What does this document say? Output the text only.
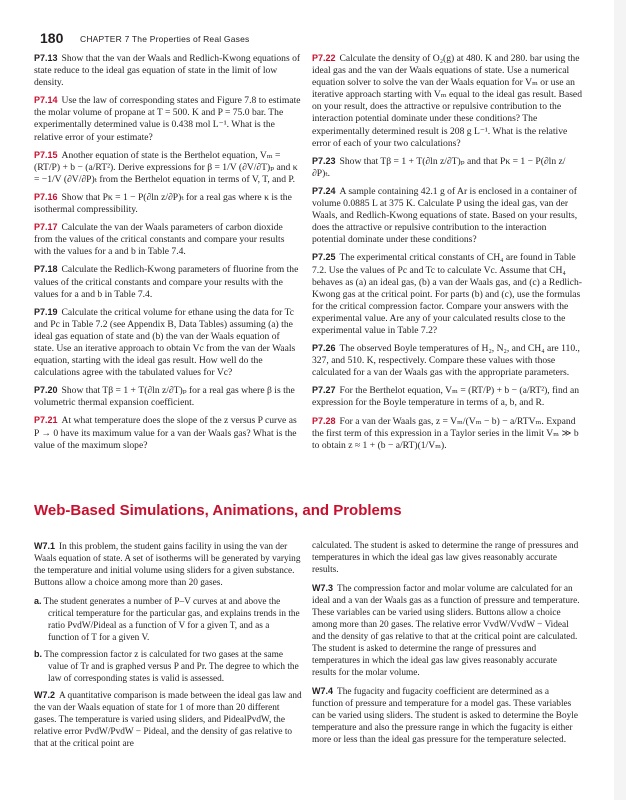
180 CHAPTER 7 The Properties of Real Gases

P7.13 Show that the van der Waals and Redlich-Kwong equations of state reduce to the ideal gas equation of state in the limit of low density.

P7.14 Use the law of corresponding states and Figure 7.8 to estimate the molar volume of propane at T = 500. K and P = 75.0 bar. The experimentally determined value is 0.438 mol L⁻¹. What is the relative error of your estimate?

P7.15 Another equation of state is the Berthelot equation, Vₘ = (RT/P) + b − (a/RT²). Derive expressions for β = 1/V (∂V/∂T)ₚ and κ = −1/V (∂V/∂P)ₜ from the Berthelot equation in terms of V, T, and P.

P7.16 Show that Pκ = 1 − P(∂ln z/∂P)ₜ for a real gas where κ is the isothermal compressibility.

P7.17 Calculate the van der Waals parameters of carbon dioxide from the values of the critical constants and compare your results with the values for a and b in Table 7.4.

P7.18 Calculate the Redlich-Kwong parameters of fluorine from the values of the critical constants and compare your results with the values for a and b in Table 7.4.

P7.19 Calculate the critical volume for ethane using the data for Tc and Pc in Table 7.2 (see Appendix B, Data Tables) assuming (a) the ideal gas equation of state and (b) the van der Waals equation of state. Use an iterative approach to obtain Vc from the van der Waals equation, starting with the ideal gas result. How well do the calculations agree with the tabulated values for Vc?

P7.20 Show that Tβ = 1 + T(∂ln z/∂T)ₚ for a real gas where β is the volumetric thermal expansion coefficient.

P7.21 At what temperature does the slope of the z versus P curve as P → 0 have its maximum value for a van der Waals gas? What is the value of the maximum slope?

P7.22 Calculate the density of O₂(g) at 480. K and 280. bar using the ideal gas and the van der Waals equations of state. Use a numerical equation solver to solve the van der Waals equation for Vₘ or use an iterative approach starting with Vₘ equal to the ideal gas result. Based on your result, does the attractive or repulsive contribution to the interaction potential dominate under these conditions? The experimentally determined result is 208 g L⁻¹. What is the relative error of each of your two calculations?

P7.23 Show that Tβ = 1 + T(∂ln z/∂T)ₚ and that Pκ = 1 − P(∂ln z/∂P)ₜ.

P7.24 A sample containing 42.1 g of Ar is enclosed in a container of volume 0.0885 L at 375 K. Calculate P using the ideal gas, van der Waals, and Redlich-Kwong equations of state. Based on your results, does the attractive or repulsive contribution to the interaction potential dominate under these conditions?

P7.25 The experimental critical constants of CH₄ are found in Table 7.2. Use the values of Pc and Tc to calculate Vc. Assume that CH₄ behaves as (a) an ideal gas, (b) a van der Waals gas, and (c) a Redlich-Kwong gas at the critical point. For parts (b) and (c), use the formulas for the critical compression factor. Compare your answers with the experimental value. Are any of your calculated results close to the experimental value in Table 7.2?

P7.26 The observed Boyle temperatures of H₂, N₂, and CH₄ are 110., 327, and 510. K, respectively. Compare these values with those calculated for a van der Waals gas with the appropriate parameters.

P7.27 For the Berthelot equation, Vₘ = (RT/P) + b − (a/RT²), find an expression for the Boyle temperature in terms of a, b, and R.

P7.28 For a van der Waals gas, z = Vₘ/(Vₘ − b) − a/RTVₘ. Expand the first term of this expression in a Taylor series in the limit Vₘ ≫ b to obtain z ≈ 1 + (b − a/RT)(1/Vₘ).

Web-Based Simulations, Animations, and Problems

W7.1 In this problem, the student gains facility in using the van der Waals equation of state. A set of isotherms will be generated by varying the temperature and initial volume using sliders for a given substance. Buttons allow a choice among more than 20 gases.

a. The student generates a number of P–V curves at and above the critical temperature for the particular gas, and explains trends in the ratio PvdW/Pideal as a function of V for a given T, and as a function of T for a given V.

b. The compression factor z is calculated for two gases at the same value of Tr and is graphed versus P and Pr. The degree to which the law of corresponding states is valid is assessed.

W7.2 A quantitative comparison is made between the ideal gas law and the van der Waals equation of state for 1 of more than 20 different gases. The temperature is varied using sliders, and PidealPvdW, the relative error PvdW/PvdW − Pideal, and the density of gas relative to that at the critical point are

calculated. The student is asked to determine the range of pressures and temperatures in which the ideal gas law gives reasonably accurate results.

W7.3 The compression factor and molar volume are calculated for an ideal and a van der Waals gas as a function of pressure and temperature. These variables can be varied using sliders. Buttons allow a choice among more than 20 gases. The relative error VvdW/VvdW − Videal and the density of gas relative to that at the critical point are calculated. The student is asked to determine the range of pressures and temperatures in which the ideal gas law gives reasonably accurate results for the molar volume.

W7.4 The fugacity and fugacity coefficient are determined as a function of pressure and temperature for a model gas. These variables can be varied using sliders. The student is asked to determine the Boyle temperature and also the pressure range in which the fugacity is either more or less than the ideal gas pressure for the temperature selected.
